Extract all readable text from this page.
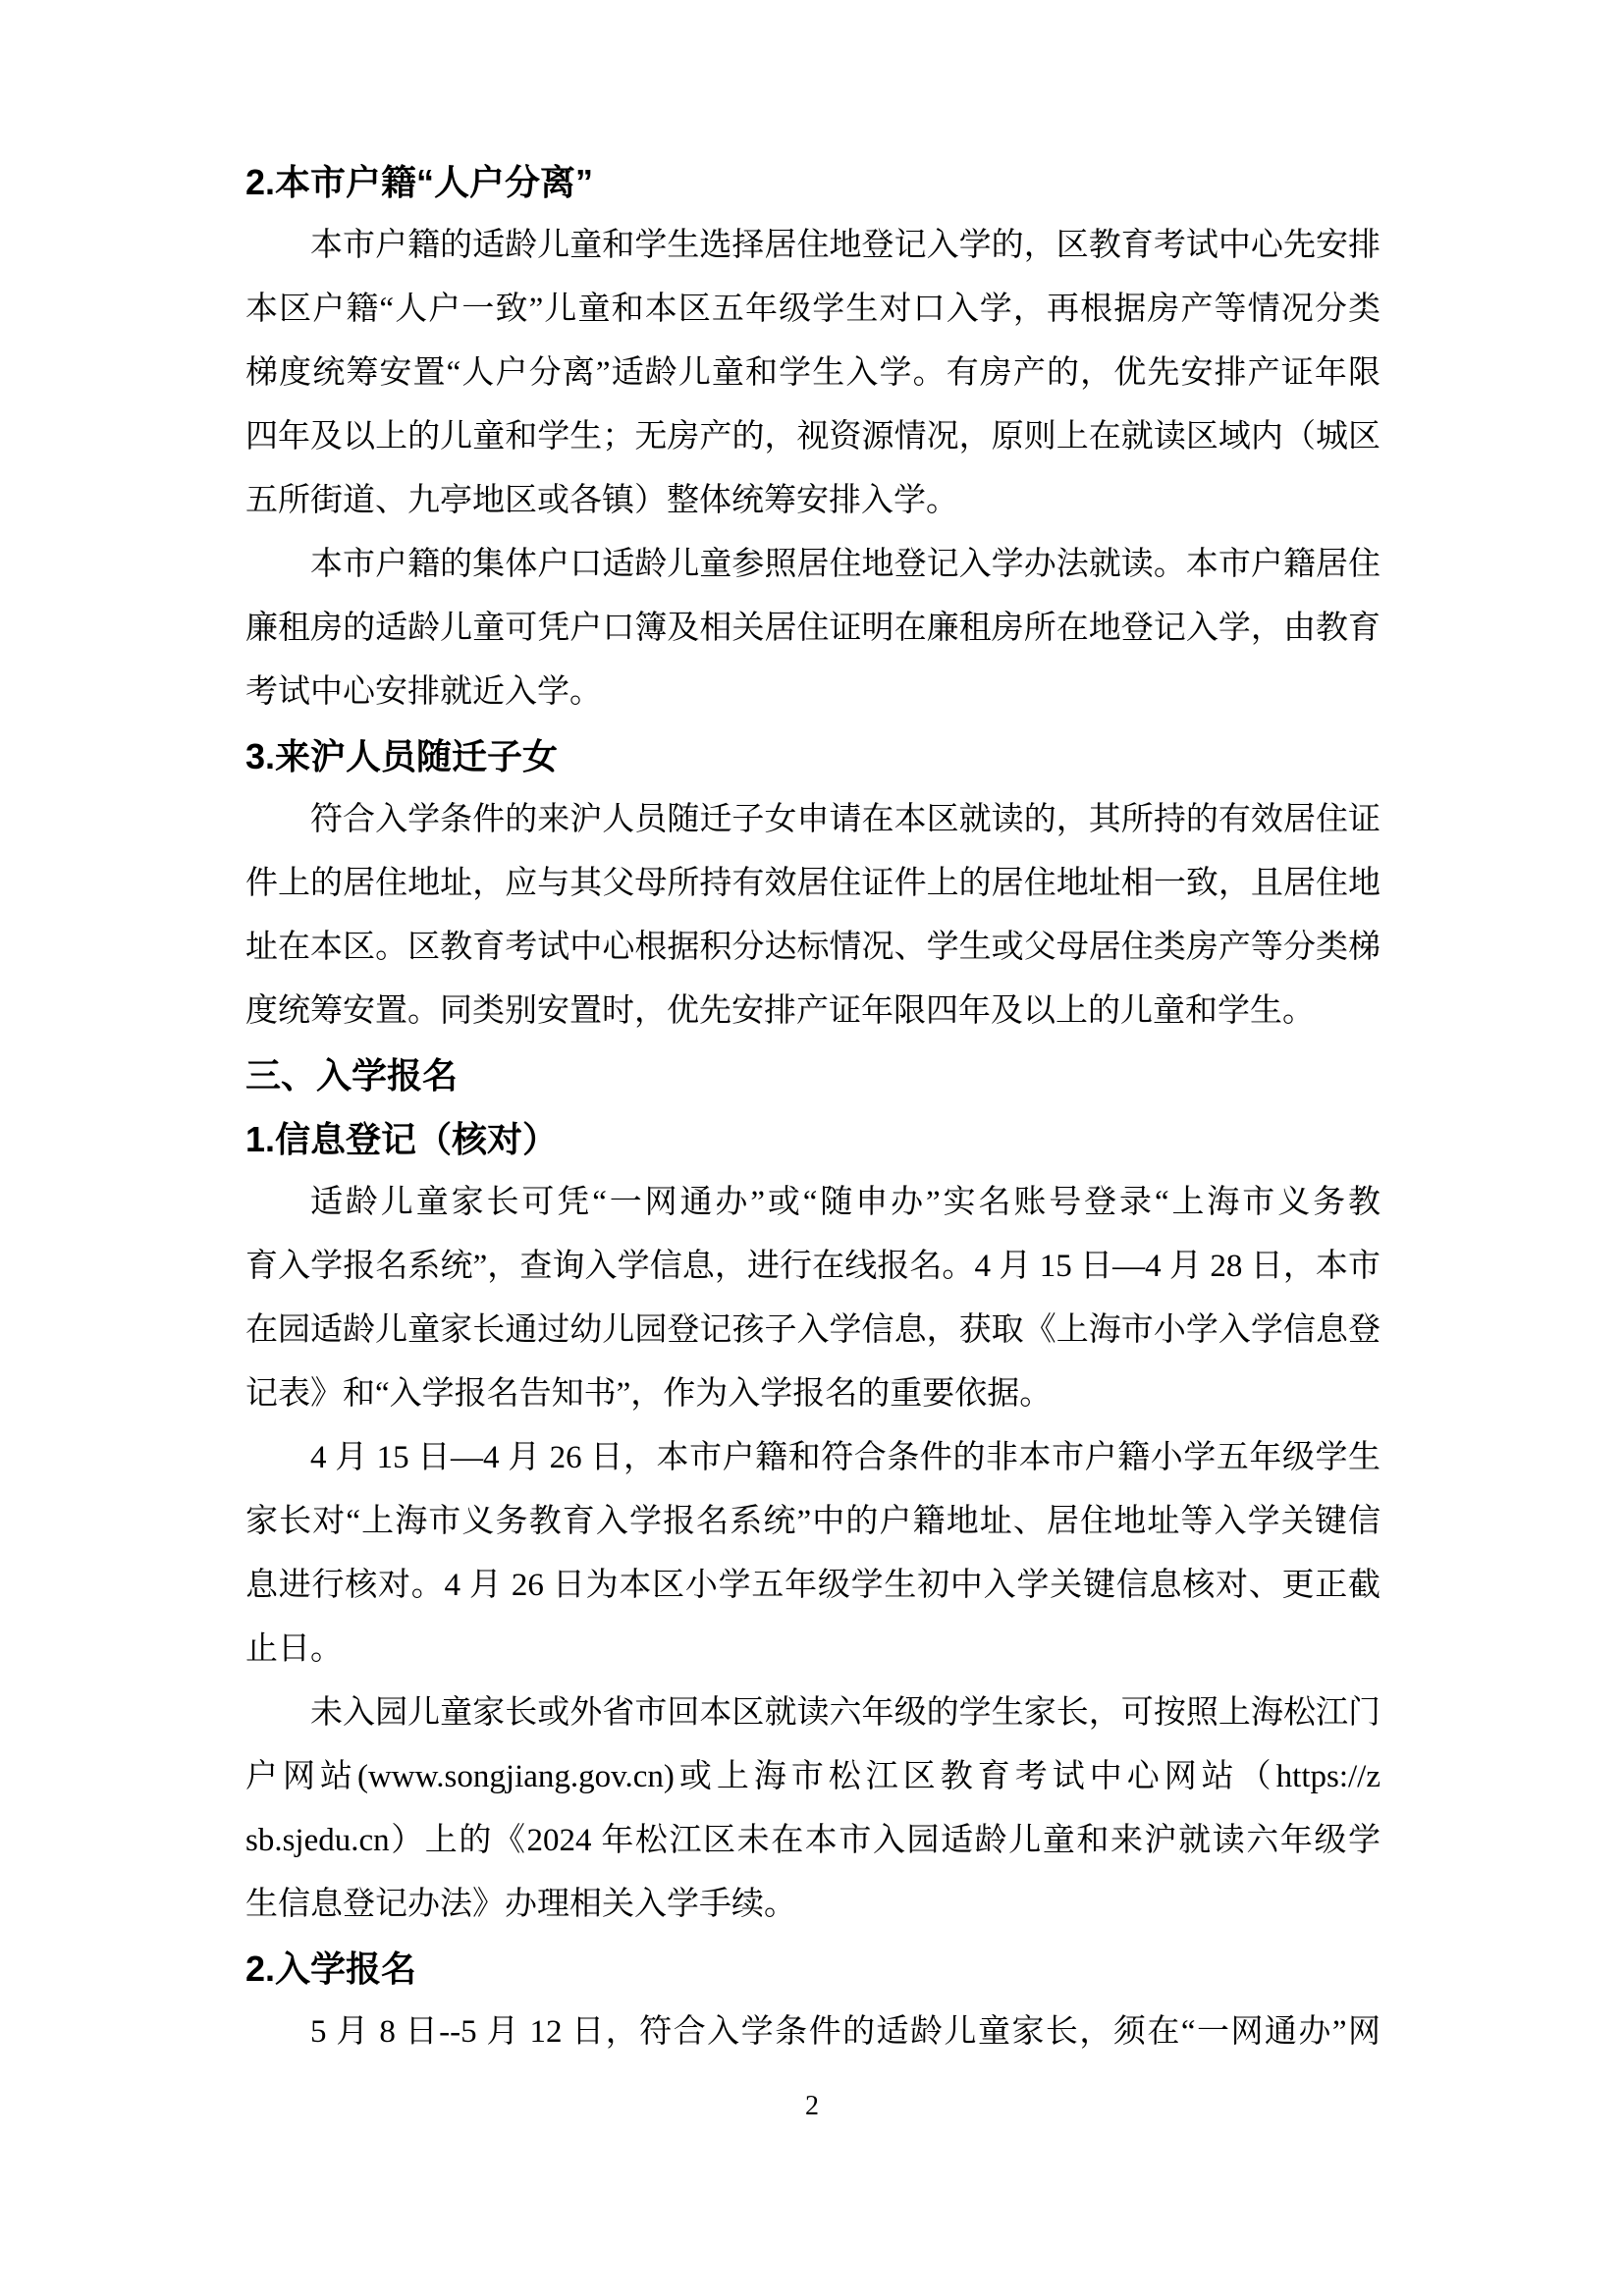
2.本市户籍“人户分离”
本市户籍的适龄儿童和学生选择居住地登记入学的，区教育考试中心先安排
本区户籍“人户一致”儿童和本区五年级学生对口入学，再根据房产等情况分类
梯度统筹安置“人户分离”适龄儿童和学生入学。有房产的，优先安排产证年限
四年及以上的儿童和学生；无房产的，视资源情况，原则上在就读区域内（城区
五所街道、九亭地区或各镇）整体统筹安排入学。
本市户籍的集体户口适龄儿童参照居住地登记入学办法就读。本市户籍居住
廉租房的适龄儿童可凭户口簿及相关居住证明在廉租房所在地登记入学，由教育
考试中心安排就近入学。
3.来沪人员随迁子女
符合入学条件的来沪人员随迁子女申请在本区就读的，其所持的有效居住证
件上的居住地址，应与其父母所持有效居住证件上的居住地址相一致，且居住地
址在本区。区教育考试中心根据积分达标情况、学生或父母居住类房产等分类梯
度统筹安置。同类别安置时，优先安排产证年限四年及以上的儿童和学生。
三、入学报名
1.信息登记（核对）
适龄儿童家长可凭“一网通办”或“随申办”实名账号登录“上海市义务教
育入学报名系统”，查询入学信息，进行在线报名。4 月 15 日—4 月 28 日，本市
在园适龄儿童家长通过幼儿园登记孩子入学信息，获取《上海市小学入学信息登
记表》和“入学报名告知书”，作为入学报名的重要依据。
4 月 15 日—4 月 26 日，本市户籍和符合条件的非本市户籍小学五年级学生
家长对“上海市义务教育入学报名系统”中的户籍地址、居住地址等入学关键信
息进行核对。4 月 26 日为本区小学五年级学生初中入学关键信息核对、更正截
止日。
未入园儿童家长或外省市回本区就读六年级的学生家长，可按照上海松江门
户网站(www.songjiang.gov.cn)或上海市松江区教育考试中心网站（https://z
sb.sjedu.cn）上的《2024 年松江区未在本市入园适龄儿童和来沪就读六年级学
生信息登记办法》办理相关入学手续。
2.入学报名
5 月 8 日--5 月 12 日，符合入学条件的适龄儿童家长，须在“一网通办”网
2
